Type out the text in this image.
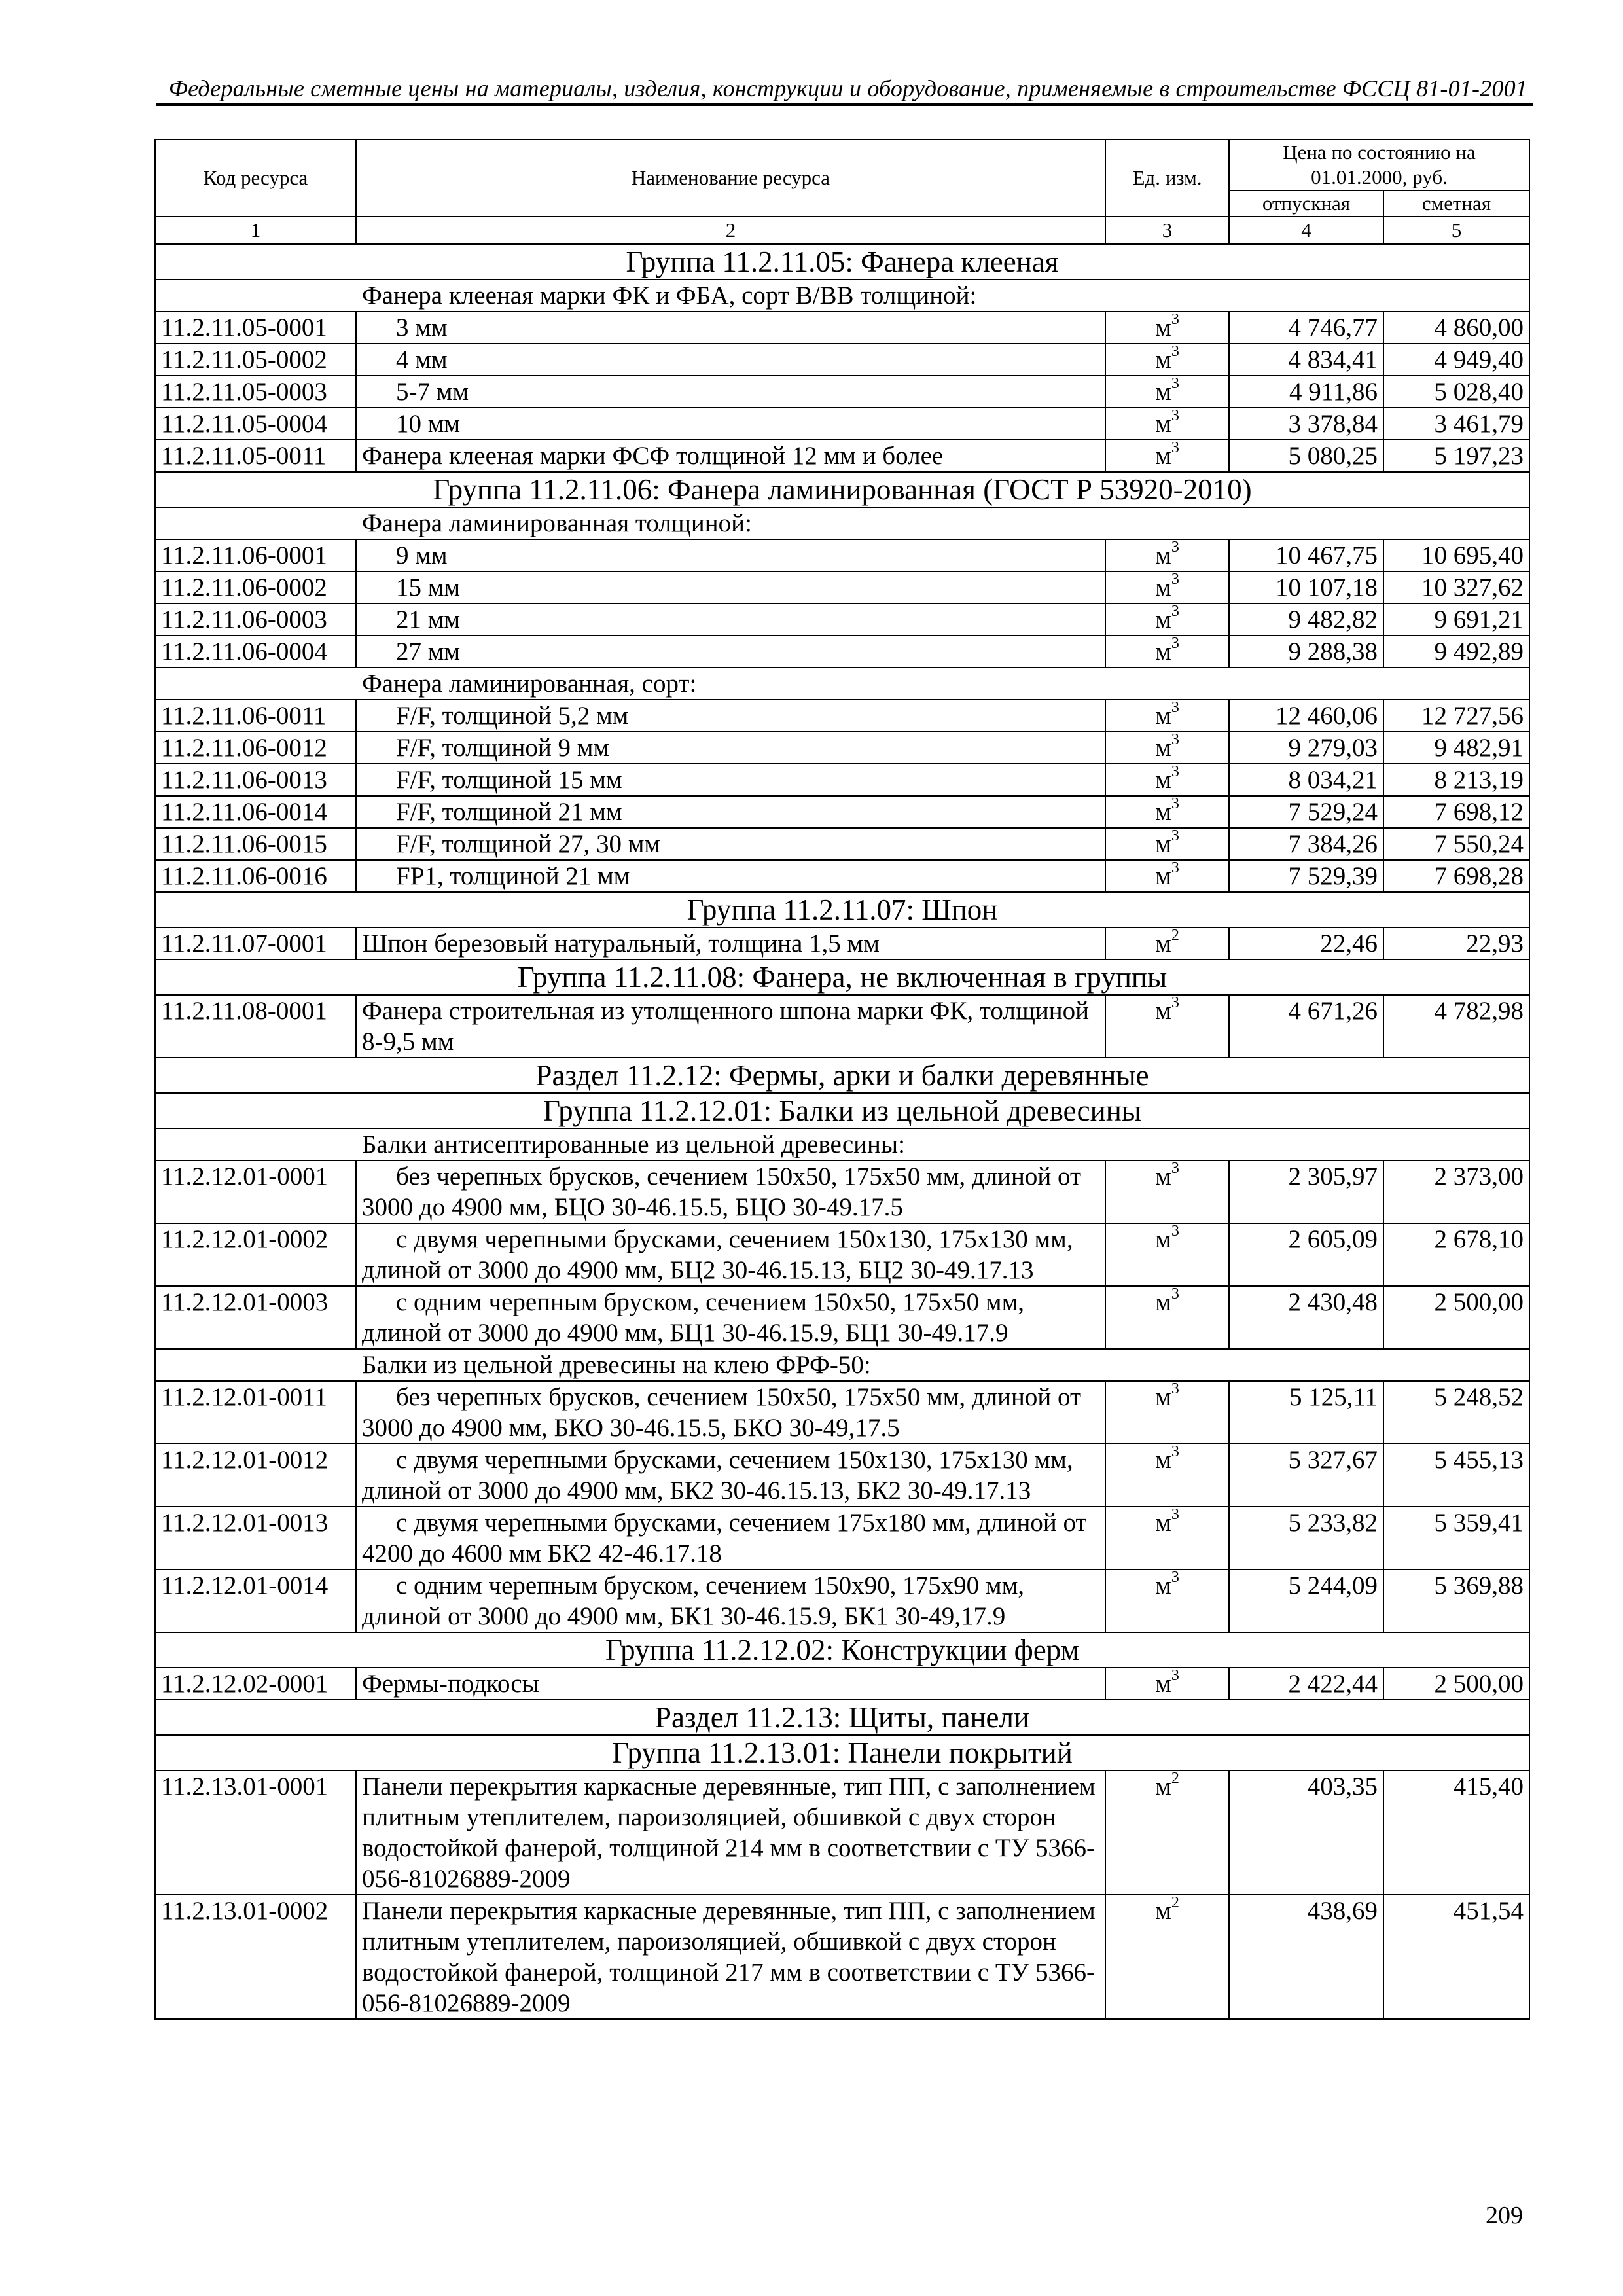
Федеральные сметные цены на материалы, изделия, конструкции и оборудование, применяемые в строительстве ФССЦ 81-01-2001
Код ресурса	Наименование ресурса	Ед. изм.	Цена по состоянию на 01.01.2000, руб.	
			отпускная	сметная
1	2	3	4	5
Группа 11.2.11.05: Фанера клееная				
Фанера клееная марки ФК и ФБА, сорт В/ВВ толщиной:				
11.2.11.05-0001	3 мм	$м^3$	4 746,77	4 860,00
11.2.11.05-0002	4 мм	$м^3$	4 834,41	4 949,40
11.2.11.05-0003	5-7 мм	$м^3$	4 911,86	5 028,40
11.2.11.05-0004	10 мм	$м^3$	3 378,84	3 461,79
11.2.11.05-0011	Фанера клееная марки ФСФ толщиной 12 мм и более	$м^3$	5 080,25	5 197,23
Группа 11.2.11.06: Фанера ламинированная (ГОСТ Р 53920-2010)				
Фанера ламинированная толщиной:				
11.2.11.06-0001	9 мм	$м^3$	10 467,75	10 695,40
11.2.11.06-0002	15 мм	$м^3$	10 107,18	10 327,62
11.2.11.06-0003	21 мм	$м^3$	9 482,82	9 691,21
11.2.11.06-0004	27 мм	$м^3$	9 288,38	9 492,89
Фанера ламинированная, сорт:				
11.2.11.06-0011	F/F, толщиной 5,2 мм	$м^3$	12 460,06	12 727,56
11.2.11.06-0012	F/F, толщиной 9 мм	$м^3$	9 279,03	9 482,91
11.2.11.06-0013	F/F, толщиной 15 мм	$м^3$	8 034,21	8 213,19
11.2.11.06-0014	F/F, толщиной 21 мм	$м^3$	7 529,24	7 698,12
11.2.11.06-0015	F/F, толщиной 27, 30 мм	$м^3$	7 384,26	7 550,24
11.2.11.06-0016	FP1, толщиной 21 мм	$м^3$	7 529,39	7 698,28
Группа 11.2.11.07: Шпон				
11.2.11.07-0001	Шпон березовый натуральный, толщина 1,5 мм	$м^2$	22,46	22,93
Группа 11.2.11.08: Фанера, не включенная в группы				
11.2.11.08-0001	Фанера строительная из утолщенного шпона марки ФК, толщиной 8-9,5 мм	$м^3$	4 671,26	4 782,98
Раздел 11.2.12: Фермы, арки и балки деревянные				
Группа 11.2.12.01: Балки из цельной древесины				
Балки антисептированные из цельной древесины:				
11.2.12.01-0001	без черепных брусков, сечением 150х50, 175х50 мм, длиной от 3000 до 4900 мм, БЦО 30-46.15.5, БЦО 30-49.17.5	$м^3$	2 305,97	2 373,00
11.2.12.01-0002	с двумя черепными брусками, сечением 150х130, 175х130 мм, длиной от 3000 до 4900 мм, БЦ2 30-46.15.13, БЦ2 30-49.17.13	$м^3$	2 605,09	2 678,10
11.2.12.01-0003	с одним черепным бруском, сечением 150х50, 175х50 мм, длиной от 3000 до 4900 мм, БЦ1 30-46.15.9, БЦ1 30-49.17.9	$м^3$	2 430,48	2 500,00
Балки из цельной древесины на клею ФРФ-50:				
11.2.12.01-0011	без черепных брусков, сечением 150х50, 175х50 мм, длиной от 3000 до 4900 мм, БКО 30-46.15.5, БКО 30-49,17.5	$м^3$	5 125,11	5 248,52
11.2.12.01-0012	с двумя черепными брусками, сечением 150х130, 175х130 мм, длиной от 3000 до 4900 мм, БК2 30-46.15.13, БК2 30-49.17.13	$м^3$	5 327,67	5 455,13
11.2.12.01-0013	с двумя черепными брусками, сечением 175х180 мм, длиной от 4200 до 4600 мм БК2 42-46.17.18	$м^3$	5 233,82	5 359,41
11.2.12.01-0014	с одним черепным бруском, сечением 150х90, 175х90 мм, длиной от 3000 до 4900 мм, БК1 30-46.15.9, БК1 30-49,17.9	$м^3$	5 244,09	5 369,88
Группа 11.2.12.02: Конструкции ферм				
11.2.12.02-0001	Фермы-подкосы	$м^3$	2 422,44	2 500,00
Раздел 11.2.13: Щиты, панели				
Группа 11.2.13.01: Панели покрытий				
11.2.13.01-0001	Панели перекрытия каркасные деревянные, тип ПП, с заполнением плитным утеплителем, пароизоляцией, обшивкой с двух сторон водостойкой фанерой, толщиной 214 мм в соответствии с ТУ 5366-056-81026889-2009	$м^2$	403,35	415,40
11.2.13.01-0002	Панели перекрытия каркасные деревянные, тип ПП, с заполнением плитным утеплителем, пароизоляцией, обшивкой с двух сторон водостойкой фанерой, толщиной 217 мм в соответствии с ТУ 5366-056-81026889-2009	$м^2$	438,69	451,54
209
